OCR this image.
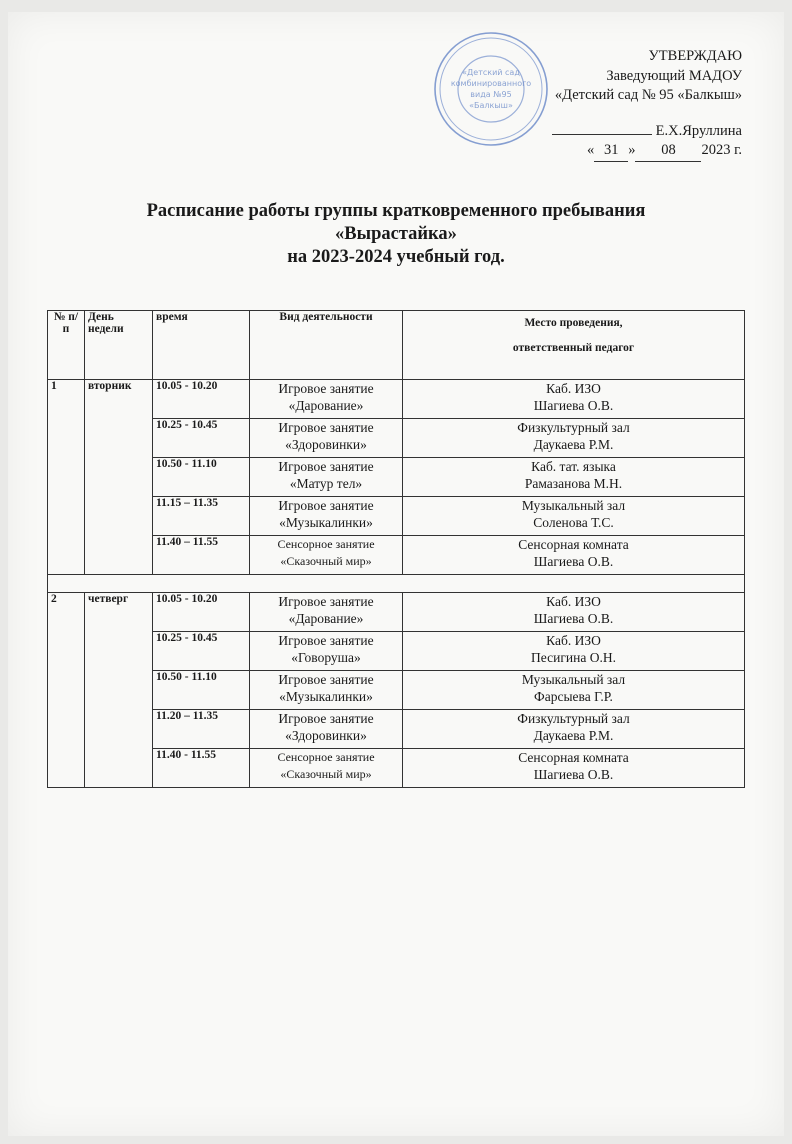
«Детский сад
комбинированного
вида №95
«Балкыш»
УТВЕРЖДАЮ
Заведующий МАДОУ
«Детский сад № 95 «Балкыш»
Е.Х.Яруллина
« 31 » 08 2023 г.
Расписание работы группы кратковременного пребывания
«Вырастайка»
на 2023-2024 учебный год.
№ п/п	День недели	время	Вид деятельности	Место проведения,
ответственный педагог

1	вторник	10.05 - 10.20	Игровое занятие
«Дарование»	Каб. ИЗО
Шагиева О.В.

		10.25 - 10.45	Игровое занятие
«Здоровинки»	Физкультурный зал
Даукаева Р.М.

		10.50 - 11.10	Игровое занятие
«Матур тел»	Каб. тат. языка
Рамазанова М.Н.

		11.15 – 11.35	Игровое занятие
«Музыкалинки»	Музыкальный зал
Соленова Т.С.

		11.40 – 11.55	Сенсорное занятие
«Сказочный мир»	Сенсорная комната
Шагиева О.В.

2	четверг	10.05 - 10.20	Игровое занятие
«Дарование»	Каб. ИЗО
Шагиева О.В.

		10.25 - 10.45	Игровое занятие
«Говоруша»	Каб. ИЗО
Песигина О.Н.

		10.50 - 11.10	Игровое занятие
«Музыкалинки»	Музыкальный зал
Фарсыева Г.Р.

		11.20 – 11.35	Игровое занятие
«Здоровинки»	Физкультурный зал
Даукаева Р.М.

		11.40 - 11.55	Сенсорное занятие
«Сказочный мир»	Сенсорная комната
Шагиева О.В.
